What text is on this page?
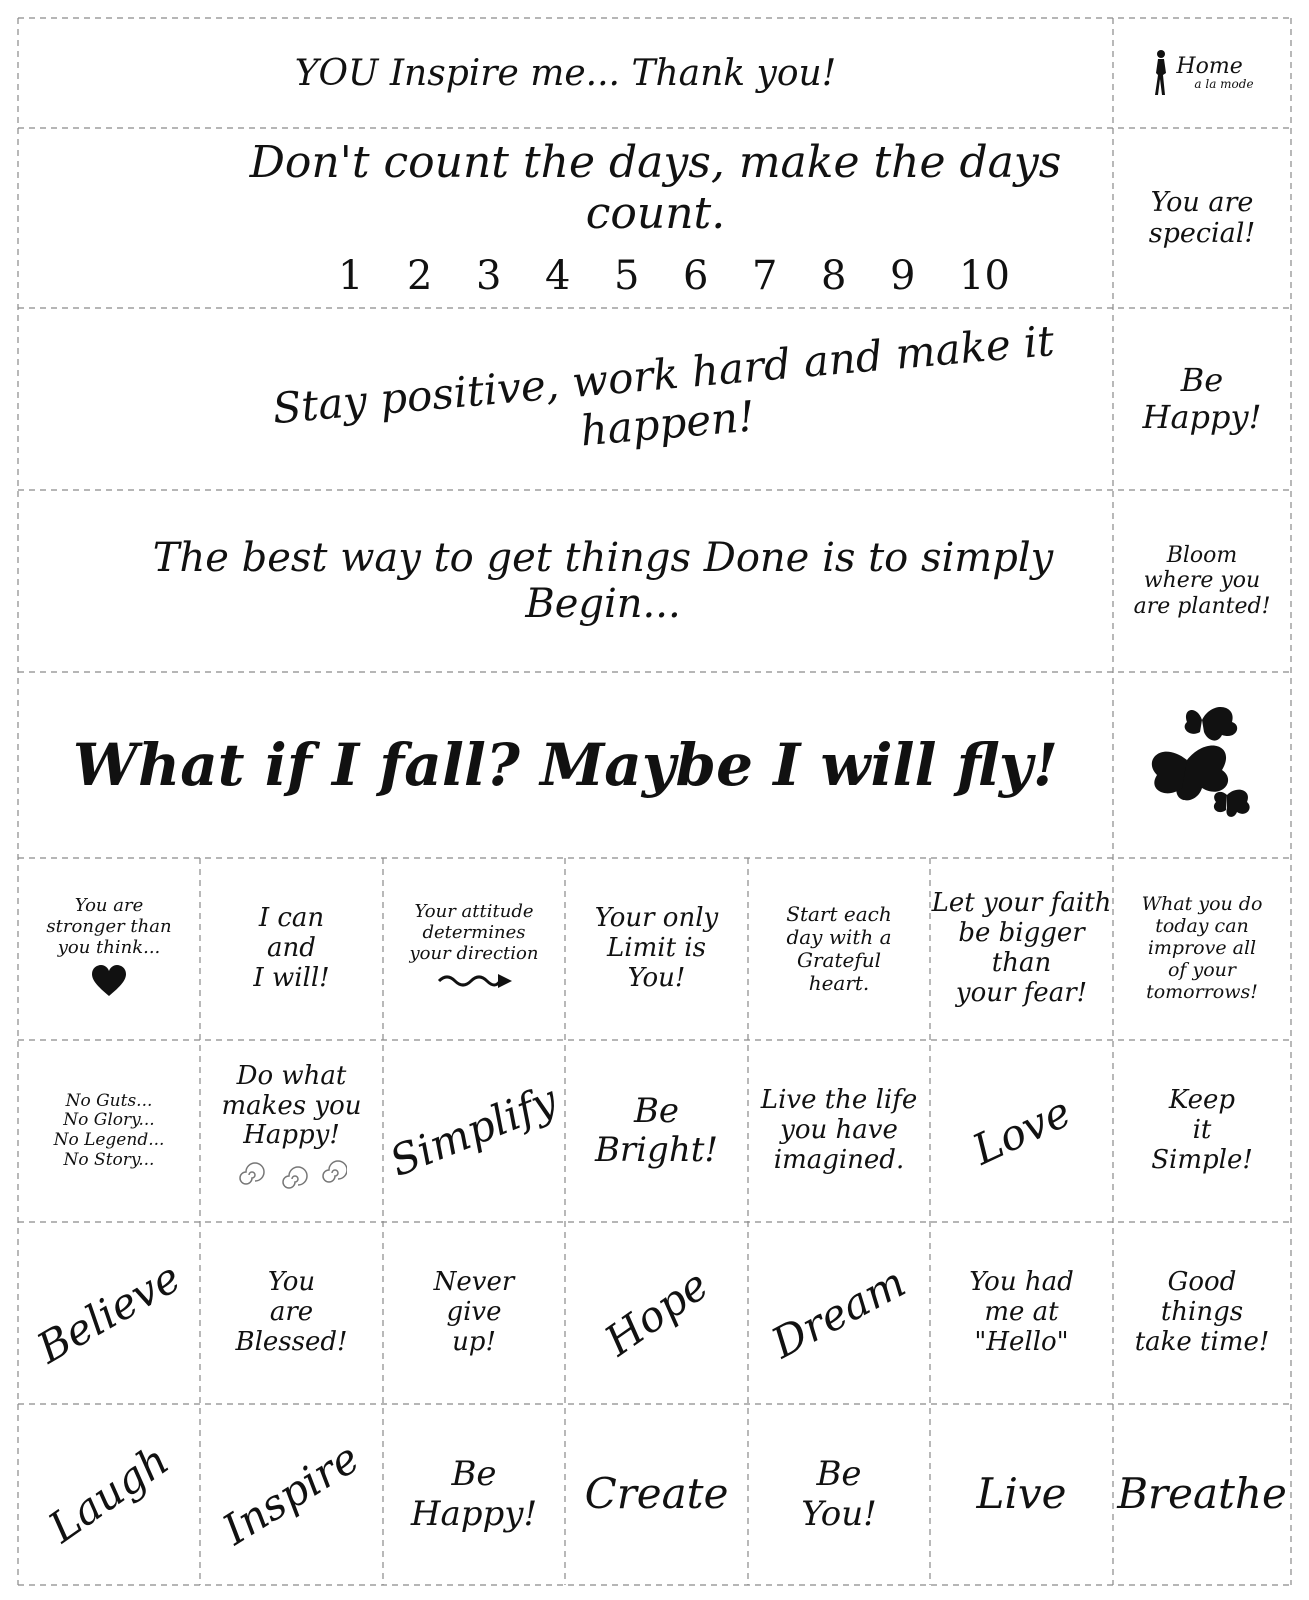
YOU Inspire me... Thank you!	Home
a la mode
Don't count the days, make the days count.
1	2	3	4	5	6	7	8	9	10
You are
special!
Stay positive, work hard and make it happen!
Be
Happy!
The best way to get things Done is to simply Begin...
Bloom
where you
are planted!
What if I fall? Maybe I will fly!
You are
stronger than
you think...
I can
and
I will!
Your attitude
determines
your direction
Your only
Limit is
You!
Start each
day with a
Grateful
heart.
Let your faith
be bigger than
your fear!
What you do
today can
improve all
of your
tomorrows!
No Guts...
No Glory...
No Legend...
No Story...
Do what
makes you
Happy!	Simplify	Be
Bright!
Live the life
you have
imagined.	Love	Keep
it
Simple!
Believe	You
are
Blessed!
Never
give
up!	Hope Dream You had
me at
"Hello"
Good
things
take time!
Laugh Inspire	Be
Happy! Create	Be
You! Live Breathe
